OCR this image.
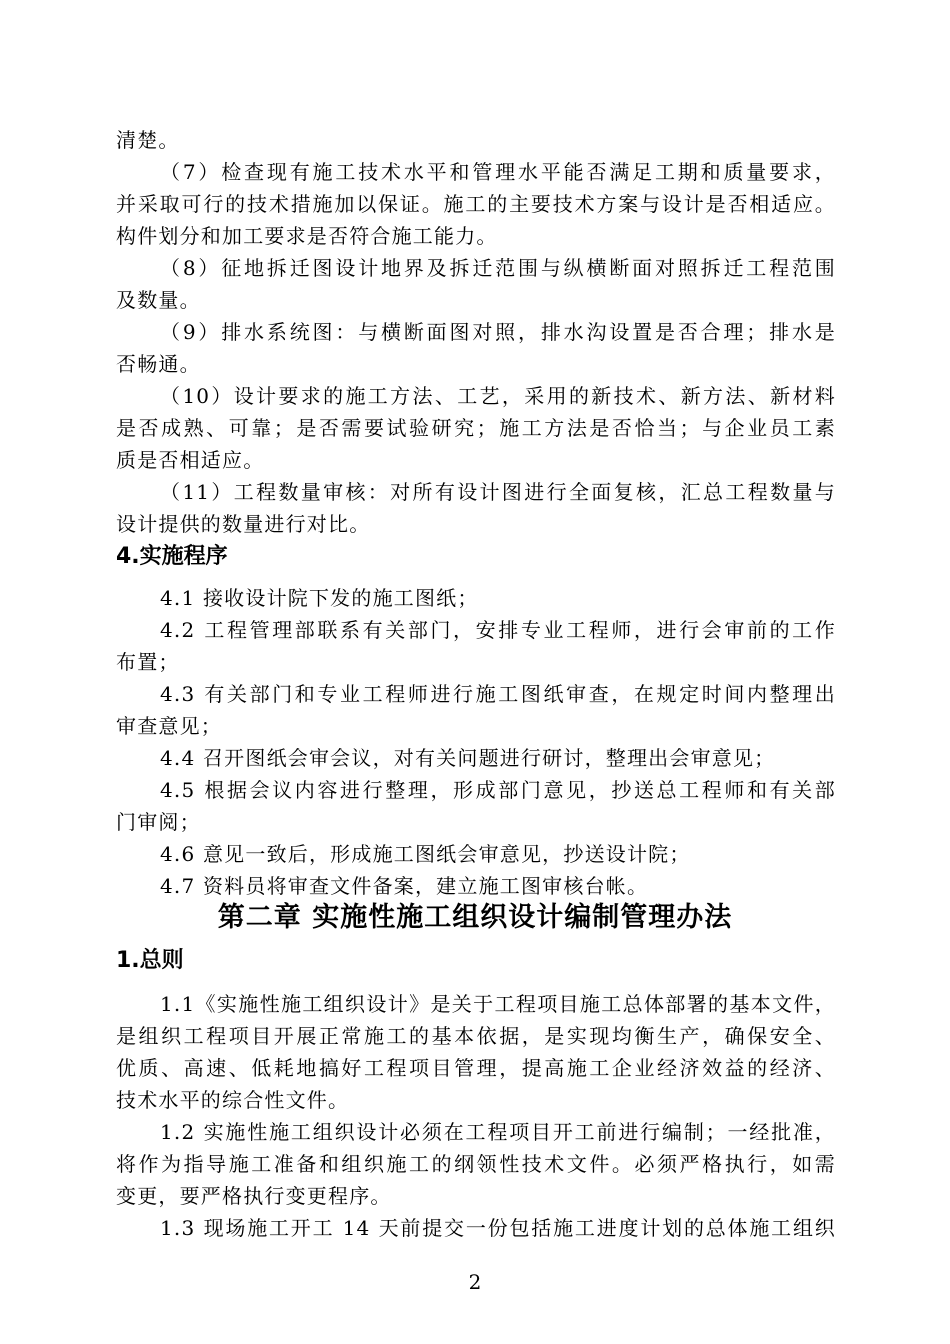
清楚。
（7）检查现有施工技术水平和管理水平能否满足工期和质量要求，
并采取可行的技术措施加以保证。施工的主要技术方案与设计是否相适应。
构件划分和加工要求是否符合施工能力。
（8）征地拆迁图设计地界及拆迁范围与纵横断面对照拆迁工程范围
及数量。
（9）排水系统图：与横断面图对照，排水沟设置是否合理；排水是
否畅通。
（10）设计要求的施工方法、工艺，采用的新技术、新方法、新材料
是否成熟、可靠；是否需要试验研究；施工方法是否恰当；与企业员工素
质是否相适应。
（11）工程数量审核：对所有设计图进行全面复核，汇总工程数量与
设计提供的数量进行对比。
4.实施程序
4.1 接收设计院下发的施工图纸；
4.2 工程管理部联系有关部门，安排专业工程师，进行会审前的工作
布置；
4.3 有关部门和专业工程师进行施工图纸审查，在规定时间内整理出
审查意见；
4.4 召开图纸会审会议，对有关问题进行研讨，整理出会审意见；
4.5 根据会议内容进行整理，形成部门意见，抄送总工程师和有关部
门审阅；
4.6 意见一致后，形成施工图纸会审意见，抄送设计院；
4.7 资料员将审查文件备案，建立施工图审核台帐。
第二章 实施性施工组织设计编制管理办法
1.总则
1.1《实施性施工组织设计》是关于工程项目施工总体部署的基本文件，
是组织工程项目开展正常施工的基本依据，是实现均衡生产，确保安全、
优质、高速、低耗地搞好工程项目管理，提高施工企业经济效益的经济、
技术水平的综合性文件。
1.2 实施性施工组织设计必须在工程项目开工前进行编制；一经批准，
将作为指导施工准备和组织施工的纲领性技术文件。必须严格执行，如需
变更，要严格执行变更程序。
1.3 现场施工开工 14 天前提交一份包括施工进度计划的总体施工组织
2
